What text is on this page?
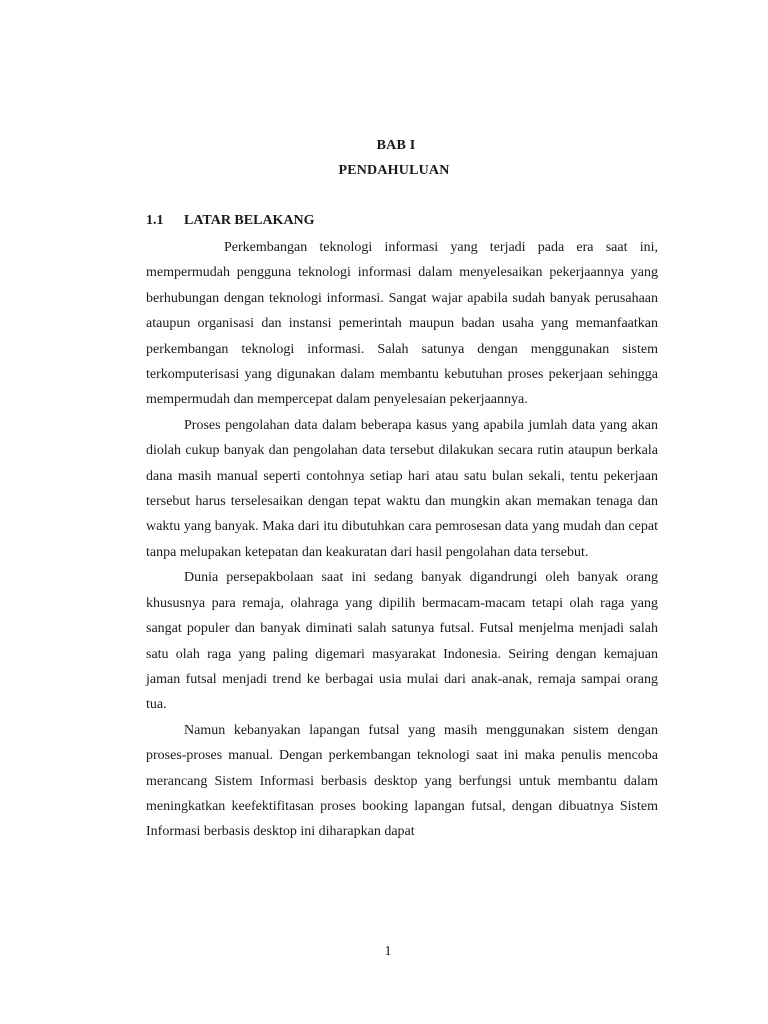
BAB I
PENDAHULUAN
1.1 LATAR BELAKANG

Perkembangan teknologi informasi yang terjadi pada era saat ini, mempermudah pengguna teknologi informasi dalam menyelesaikan pekerjaannya yang berhubungan dengan teknologi informasi. Sangat wajar apabila sudah banyak perusahaan ataupun organisasi dan instansi pemerintah maupun badan usaha yang memanfaatkan perkembangan teknologi informasi. Salah satunya dengan menggunakan sistem terkomputerisasi yang digunakan dalam membantu kebutuhan proses pekerjaan sehingga mempermudah dan mempercepat dalam penyelesaian pekerjaannya.

Proses pengolahan data dalam beberapa kasus yang apabila jumlah data yang akan diolah cukup banyak dan pengolahan data tersebut dilakukan secara rutin ataupun berkala dana masih manual seperti contohnya setiap hari atau satu bulan sekali, tentu pekerjaan tersebut harus terselesaikan dengan tepat waktu dan mungkin akan memakan tenaga dan waktu yang banyak. Maka dari itu dibutuhkan cara pemrosesan data yang mudah dan cepat tanpa melupakan ketepatan dan keakuratan dari hasil pengolahan data tersebut.

Dunia persepakbolaan saat ini sedang banyak digandrungi oleh banyak orang khususnya para remaja, olahraga yang dipilih bermacam-macam tetapi olah raga yang sangat populer dan banyak diminati salah satunya futsal. Futsal menjelma menjadi salah satu olah raga yang paling digemari masyarakat Indonesia. Seiring dengan kemajuan jaman futsal menjadi trend ke berbagai usia mulai dari anak-anak, remaja sampai orang tua.

Namun kebanyakan lapangan futsal yang masih menggunakan sistem dengan proses-proses manual. Dengan perkembangan teknologi saat ini maka penulis mencoba merancang Sistem Informasi berbasis desktop yang berfungsi untuk membantu dalam meningkatkan keefektifitasan proses booking lapangan futsal, dengan dibuatnya Sistem Informasi berbasis desktop ini diharapkan dapat

1
